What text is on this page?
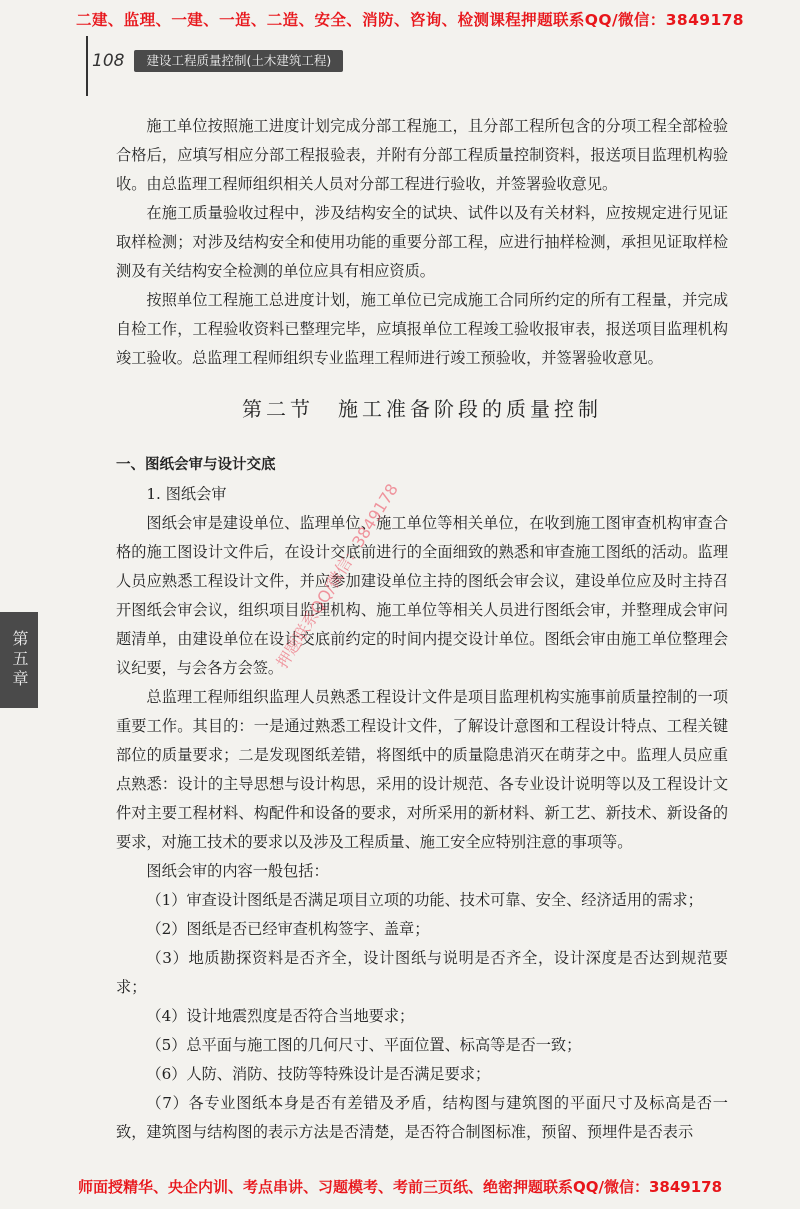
二建、监理、一建、一造、二造、安全、消防、咨询、检测课程押题联系QQ/微信：3849178
108	建设工程质量控制(土木建筑工程)
第五章

施工单位按照施工进度计划完成分部工程施工，且分部工程所包含的分项工程全部检验合格后，应填写相应分部工程报验表，并附有分部工程质量控制资料，报送项目监理机构验收。由总监理工程师组织相关人员对分部工程进行验收，并签署验收意见。

在施工质量验收过程中，涉及结构安全的试块、试件以及有关材料，应按规定进行见证取样检测；对涉及结构安全和使用功能的重要分部工程，应进行抽样检测，承担见证取样检测及有关结构安全检测的单位应具有相应资质。

按照单位工程施工总进度计划，施工单位已完成施工合同所约定的所有工程量，并完成自检工作，工程验收资料已整理完毕，应填报单位工程竣工验收报审表，报送项目监理机构竣工验收。总监理工程师组织专业监理工程师进行竣工预验收，并签署验收意见。

第二节　施工准备阶段的质量控制
一、图纸会审与设计交底

1. 图纸会审

图纸会审是建设单位、监理单位、施工单位等相关单位，在收到施工图审查机构审查合格的施工图设计文件后，在设计交底前进行的全面细致的熟悉和审查施工图纸的活动。监理人员应熟悉工程设计文件，并应参加建设单位主持的图纸会审会议，建设单位应及时主持召开图纸会审会议，组织项目监理机构、施工单位等相关人员进行图纸会审，并整理成会审问题清单，由建设单位在设计交底前约定的时间内提交设计单位。图纸会审由施工单位整理会议纪要，与会各方会签。

总监理工程师组织监理人员熟悉工程设计文件是项目监理机构实施事前质量控制的一项重要工作。其目的：一是通过熟悉工程设计文件，了解设计意图和工程设计特点、工程关键部位的质量要求；二是发现图纸差错，将图纸中的质量隐患消灭在萌芽之中。监理人员应重点熟悉：设计的主导思想与设计构思，采用的设计规范、各专业设计说明等以及工程设计文件对主要工程材料、构配件和设备的要求，对所采用的新材料、新工艺、新技术、新设备的要求，对施工技术的要求以及涉及工程质量、施工安全应特别注意的事项等。

图纸会审的内容一般包括：

（1）审查设计图纸是否满足项目立项的功能、技术可靠、安全、经济适用的需求；

（2）图纸是否已经审查机构签字、盖章；

（3）地质勘探资料是否齐全，设计图纸与说明是否齐全，设计深度是否达到规范要求；

（4）设计地震烈度是否符合当地要求；

（5）总平面与施工图的几何尺寸、平面位置、标高等是否一致；

（6）人防、消防、技防等特殊设计是否满足要求；

（7）各专业图纸本身是否有差错及矛盾，结构图与建筑图的平面尺寸及标高是否一致，建筑图与结构图的表示方法是否清楚，是否符合制图标准，预留、预埋件是否表示

押题联系QQ/微信：3849178
师面授精华、央企内训、考点串讲、习题模考、考前三页纸、绝密押题联系QQ/微信：3849178
